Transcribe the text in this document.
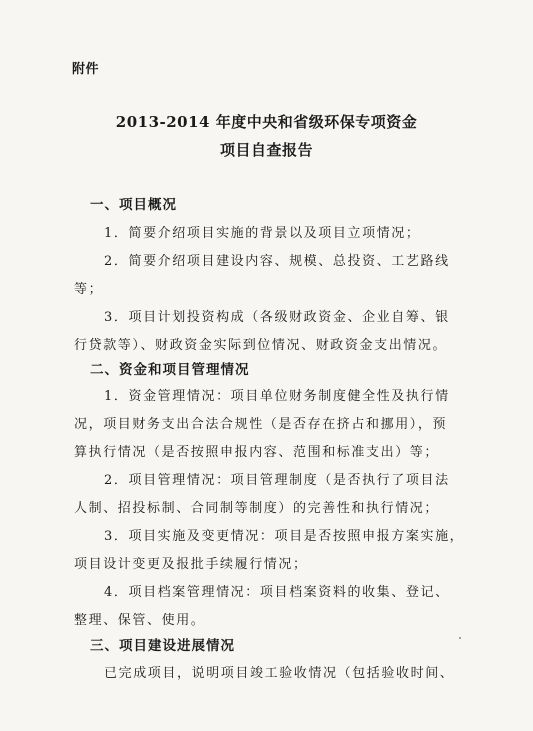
附件
2013-2014 年度中央和省级环保专项资金
项目自查报告
一、项目概况
1．简要介绍项目实施的背景以及项目立项情况；
2．简要介绍项目建设内容、规模、总投资、工艺路线
等；
3．项目计划投资构成（各级财政资金、企业自筹、银
行贷款等）、财政资金实际到位情况、财政资金支出情况。
二、资金和项目管理情况
1．资金管理情况：项目单位财务制度健全性及执行情
况，项目财务支出合法合规性（是否存在挤占和挪用），预
算执行情况（是否按照申报内容、范围和标准支出）等；
2．项目管理情况：项目管理制度（是否执行了项目法
人制、招投标制、合同制等制度）的完善性和执行情况；
3．项目实施及变更情况：项目是否按照申报方案实施，
项目设计变更及报批手续履行情况；
4．项目档案管理情况：项目档案资料的收集、登记、
整理、保管、使用。
三、项目建设进展情况
已完成项目，说明项目竣工验收情况（包括验收时间、
